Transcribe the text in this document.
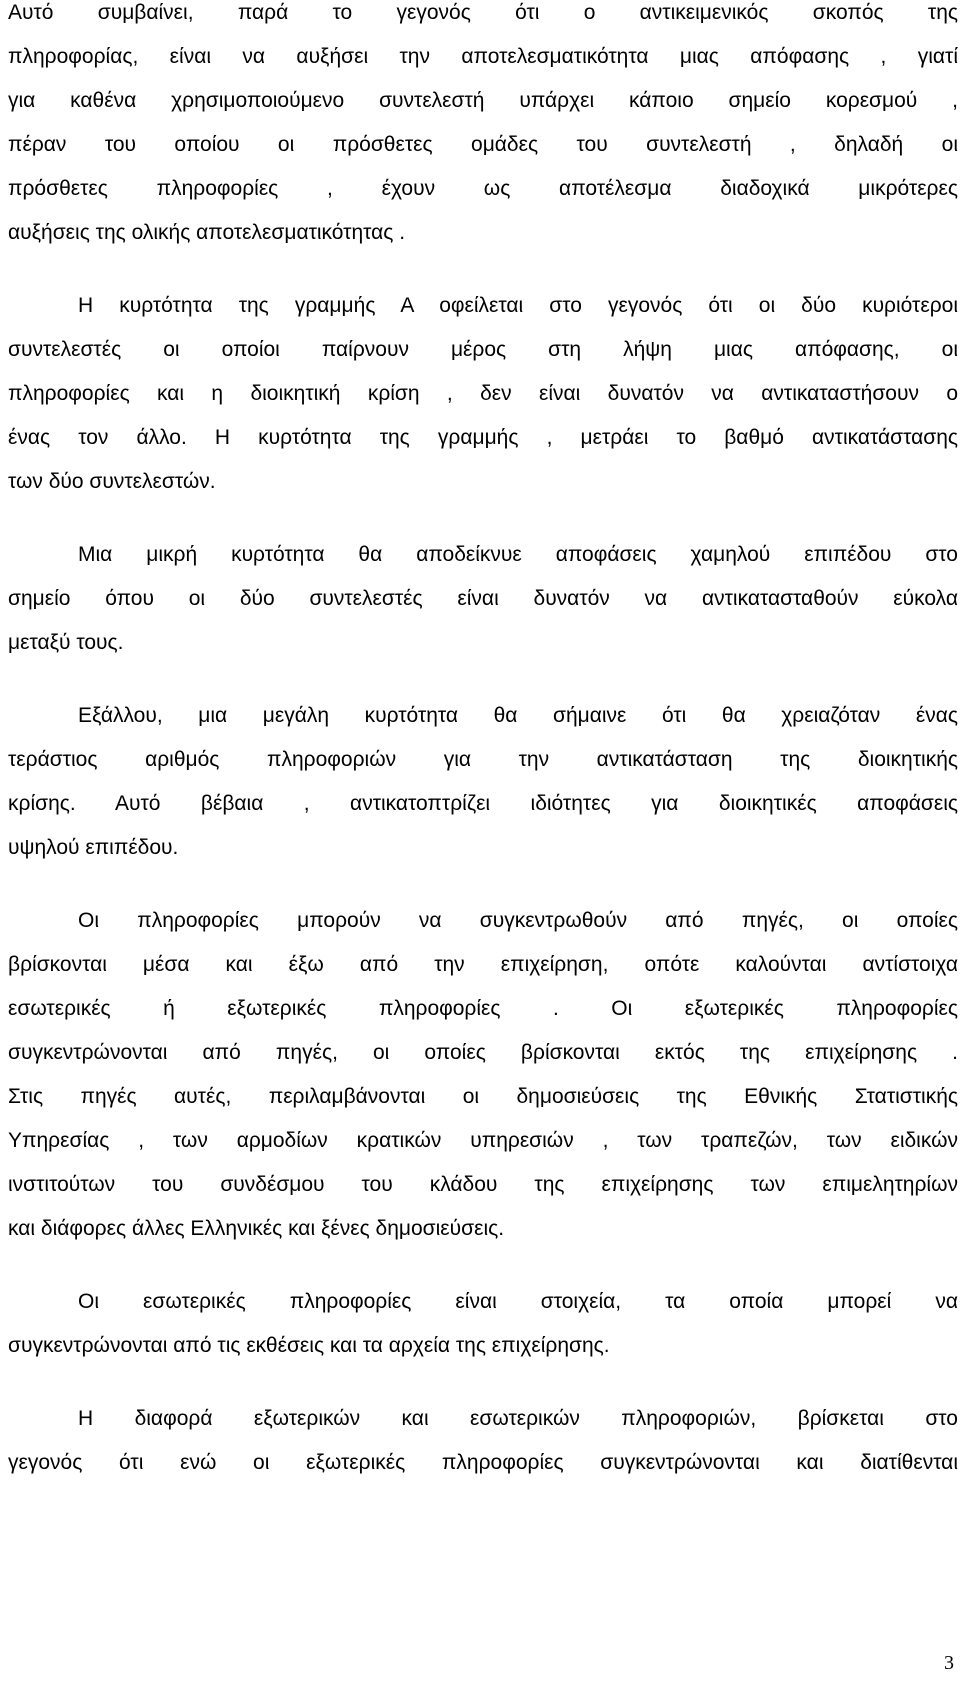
Αυτό συμβαίνει, παρά το γεγονός ότι ο αντικειμενικός σκοπός της
πληροφορίας, είναι να αυξήσει την αποτελεσματικότητα μιας απόφασης , γιατί
για καθένα χρησιμοποιούμενο συντελεστή υπάρχει κάποιο σημείο κορεσμού ,
πέραν του οποίου οι πρόσθετες ομάδες του συντελεστή , δηλαδή οι
πρόσθετες πληροφορίες , έχουν ως αποτέλεσμα διαδοχικά μικρότερες
αυξήσεις της ολικής αποτελεσματικότητας .
Η κυρτότητα της γραμμής Α οφείλεται στο γεγονός ότι οι δύο κυριότεροι
συντελεστές οι οποίοι παίρνουν μέρος στη λήψη μιας απόφασης, οι
πληροφορίες και η διοικητική κρίση , δεν είναι δυνατόν να αντικαταστήσουν ο
ένας τον άλλο. Η κυρτότητα της γραμμής , μετράει το βαθμό αντικατάστασης
των δύο συντελεστών.
Μια μικρή κυρτότητα θα αποδείκνυε αποφάσεις χαμηλού επιπέδου στο
σημείο όπου οι δύο συντελεστές είναι δυνατόν να αντικατασταθούν εύκολα
μεταξύ τους.
Εξάλλου, μια μεγάλη κυρτότητα θα σήμαινε ότι θα χρειαζόταν ένας
τεράστιος αριθμός πληροφοριών για την αντικατάσταση της διοικητικής
κρίσης. Αυτό βέβαια , αντικατοπτρίζει ιδιότητες για διοικητικές αποφάσεις
υψηλού επιπέδου.
Οι πληροφορίες μπορούν να συγκεντρωθούν από πηγές, οι οποίες
βρίσκονται μέσα και έξω από την επιχείρηση, οπότε καλούνται αντίστοιχα
εσωτερικές ή εξωτερικές πληροφορίες . Οι εξωτερικές πληροφορίες
συγκεντρώνονται από πηγές, οι οποίες βρίσκονται εκτός της επιχείρησης .
Στις πηγές αυτές, περιλαμβάνονται οι δημοσιεύσεις της Εθνικής Στατιστικής
Υπηρεσίας , των αρμοδίων κρατικών υπηρεσιών , των τραπεζών, των ειδικών
ινστιτούτων του συνδέσμου του κλάδου της επιχείρησης των επιμελητηρίων
και διάφορες άλλες Ελληνικές και ξένες δημοσιεύσεις.
Οι εσωτερικές πληροφορίες είναι στοιχεία, τα οποία μπορεί να
συγκεντρώνονται από τις εκθέσεις και τα αρχεία της επιχείρησης.
Η διαφορά εξωτερικών και εσωτερικών πληροφοριών, βρίσκεται στο
γεγονός ότι ενώ οι εξωτερικές πληροφορίες συγκεντρώνονται και διατίθενται
3
